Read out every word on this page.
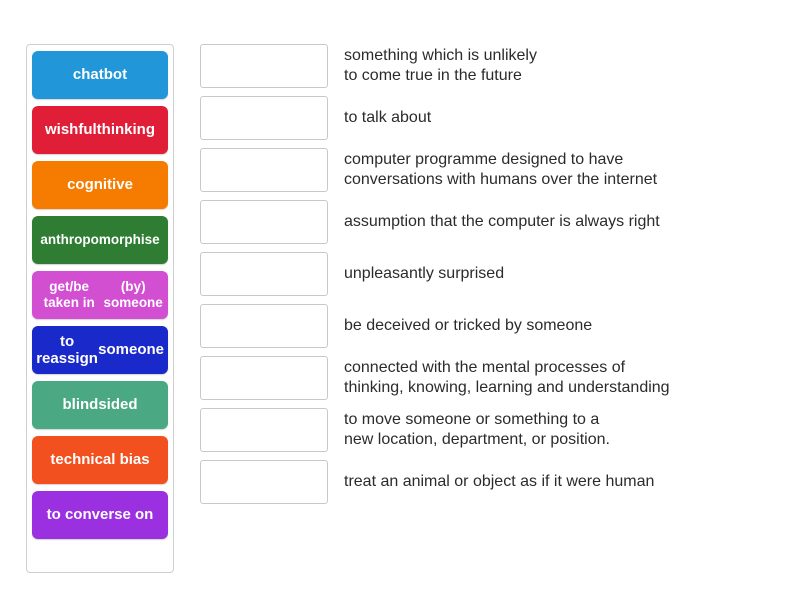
chatbot
wishful thinking
cognitive
anthropomorphise
get/be taken in
(by) someone
to reassign
someone
blindsided
technical bias
to converse on
something which is unlikely
to come true in the future
to talk about
computer programme designed to have
conversations with humans over the internet
assumption that the computer is always right
unpleasantly surprised
be deceived or tricked by someone
connected with the mental processes of
thinking, knowing, learning and understanding
to move someone or something to a
new location, department, or position.
treat an animal or object as if it were human
